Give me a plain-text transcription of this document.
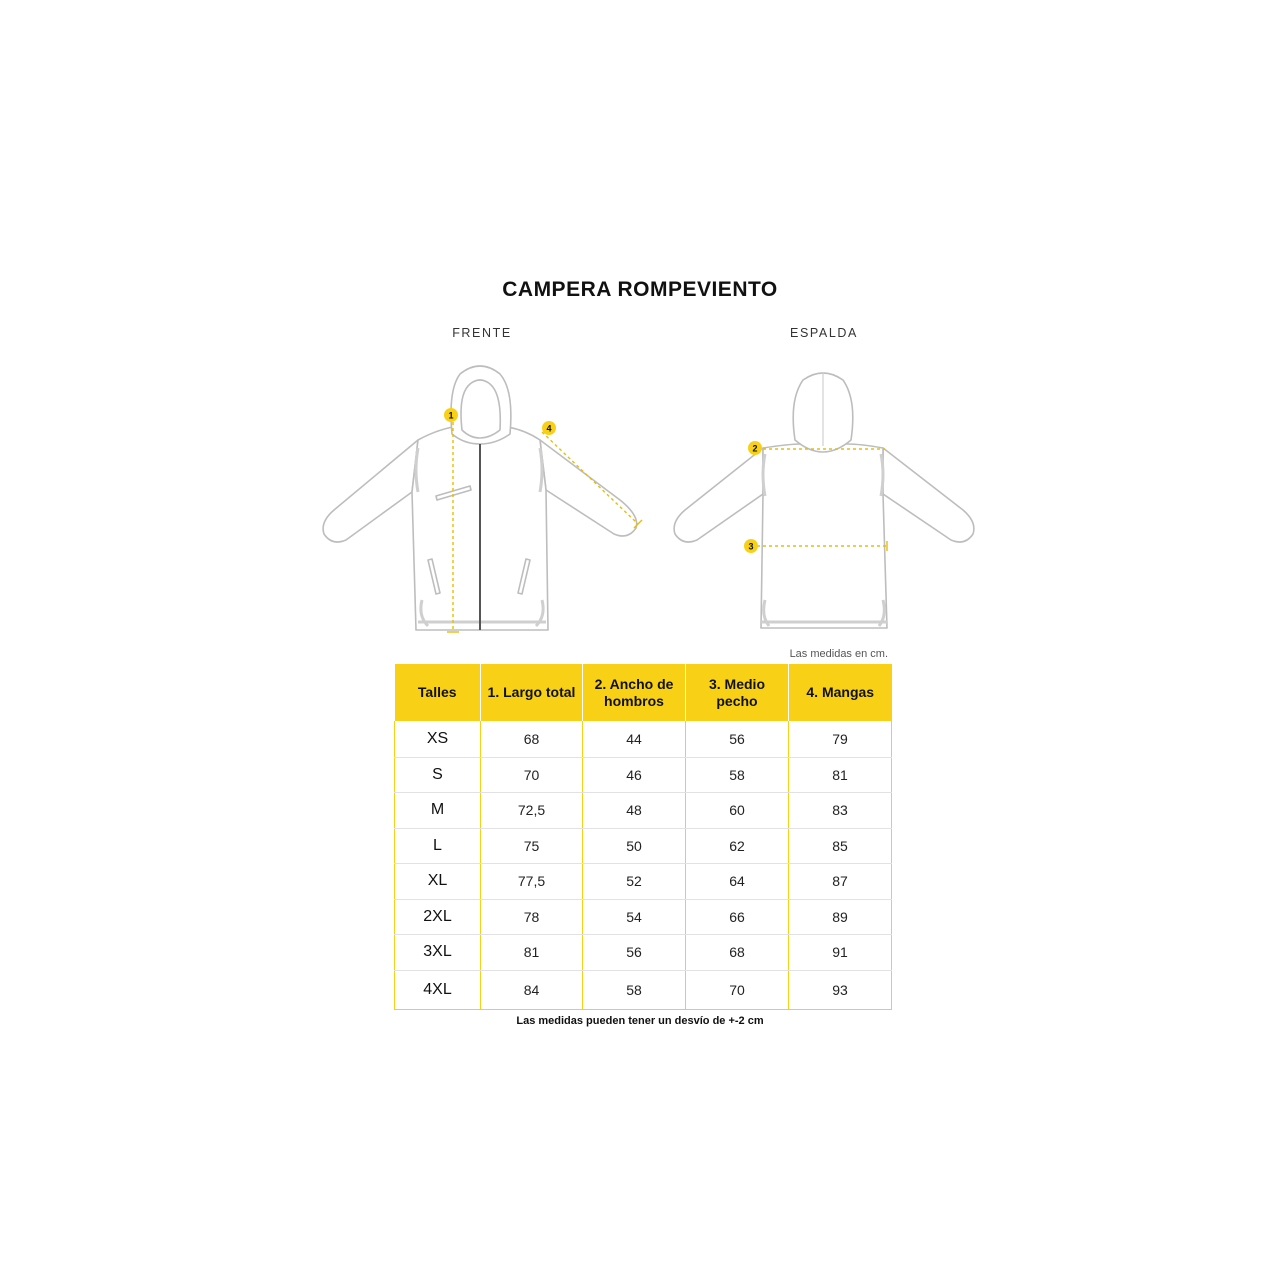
CAMPERA ROMPEVIENTO
FRENTE	ESPALDA
1
4
2
3
Las medidas en cm.
Talles	1. Largo total	2. Ancho de hombros	3. Medio pecho	4. Mangas
XS	68	44	56	79
S	70	46	58	81
M	72,5	48	60	83
L	75	50	62	85
XL	77,5	52	64	87
2XL	78	54	66	89
3XL	81	56	68	91
4XL	84	58	70	93
Las medidas pueden tener un desvío de +-2 cm
